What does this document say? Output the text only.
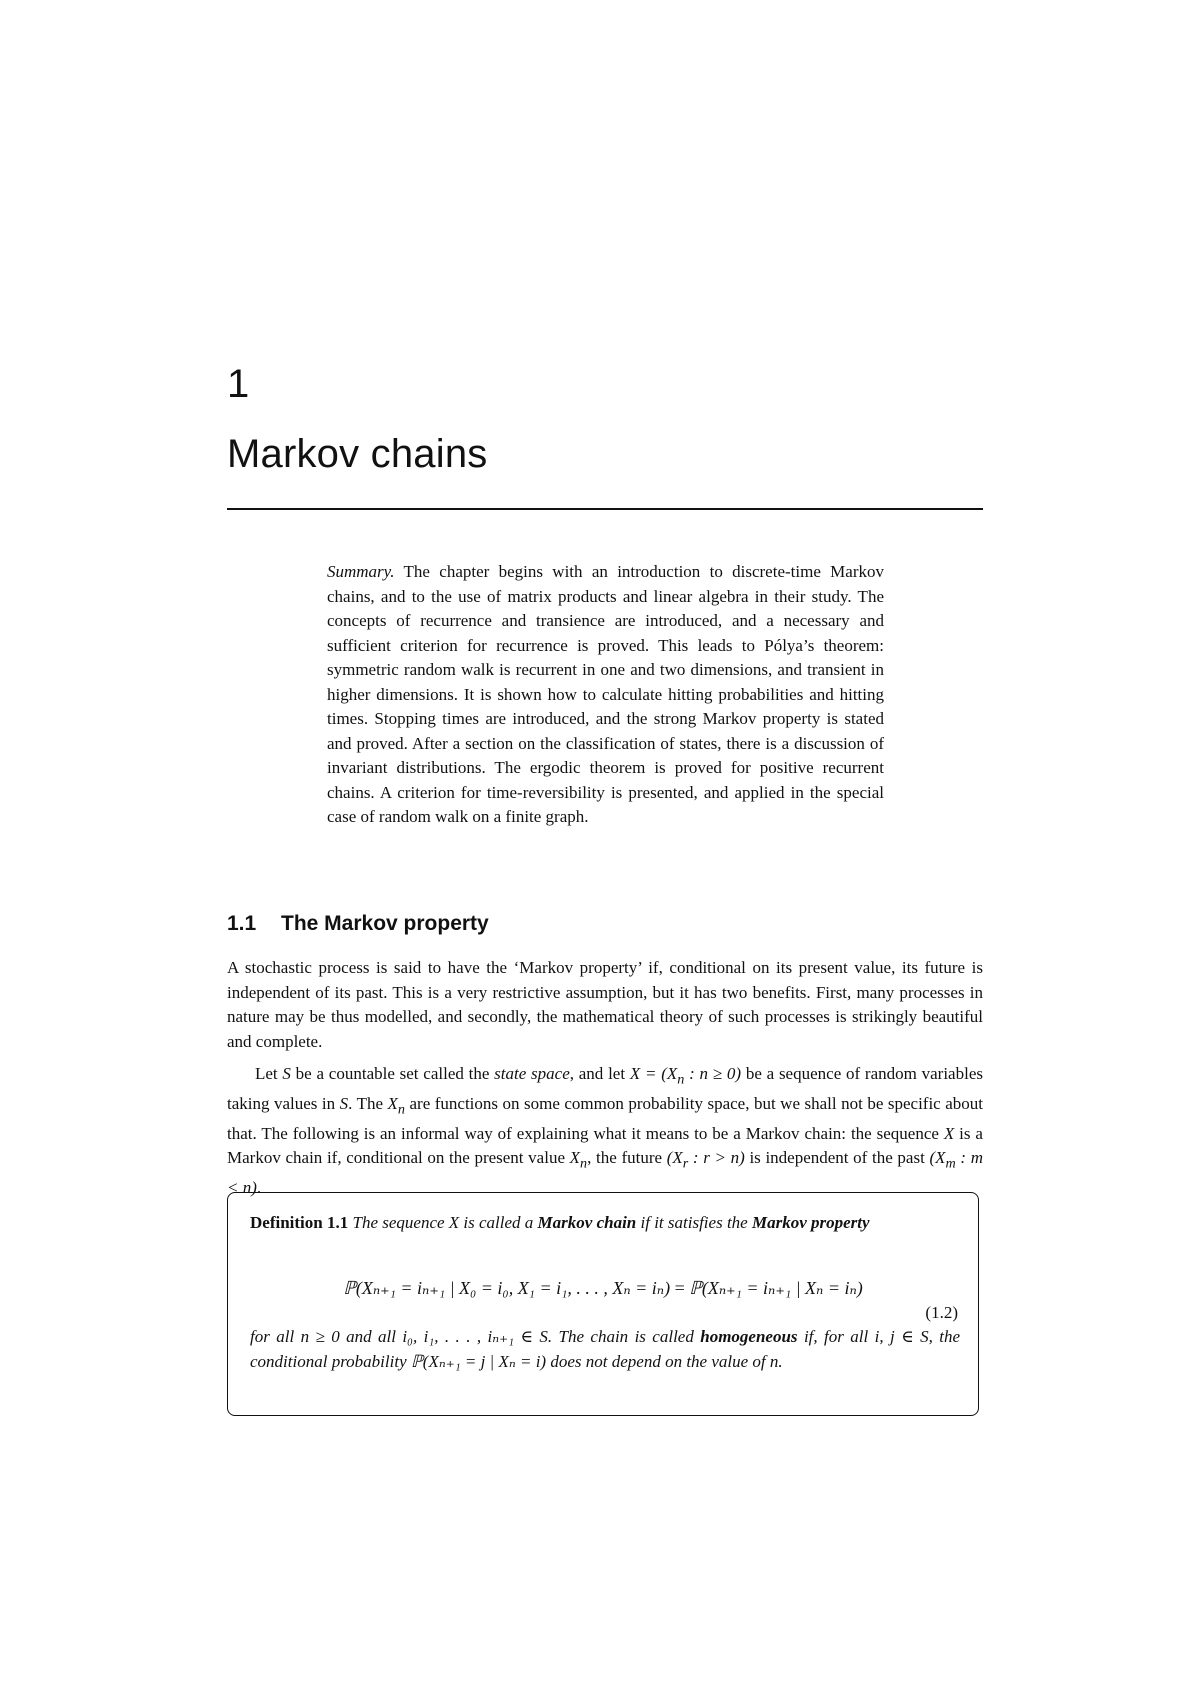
1
Markov chains

Summary. The chapter begins with an introduction to discrete-time Markov chains, and to the use of matrix products and linear algebra in their study. The concepts of recurrence and transience are introduced, and a necessary and sufficient criterion for recurrence is proved. This leads to Pólya’s theorem: symmetric random walk is recurrent in one and two dimensions, and transient in higher dimensions. It is shown how to calculate hitting probabilities and hitting times. Stopping times are introduced, and the strong Markov property is stated and proved. After a section on the classification of states, there is a discussion of invariant distributions. The ergodic theorem is proved for positive recurrent chains. A criterion for time-reversibility is presented, and applied in the special case of random walk on a finite graph.

1.1 The Markov property

A stochastic process is said to have the ‘Markov property’ if, conditional on its present value, its future is independent of its past. This is a very restrictive assumption, but it has two benefits. First, many processes in nature may be thus modelled, and secondly, the mathematical theory of such processes is strikingly beautiful and complete.

Let S be a countable set called the state space, and let $X = (X_n$ : n ≥ 0) be a sequence of random variables taking values in S. The $X_n$ are functions on some common probability space, but we shall not be specific about that. The following is an informal way of explaining what it means to be a Markov chain: the sequence X is a Markov chain if, conditional on the present value $X_n$, the future ($X_r$ : r > n) is independent of the past ($X_m$ : m < n).

Definition 1.1 The sequence X is called a Markov chain if it satisfies the Markov property

ℙ(Xₙ₊₁ = iₙ₊₁ | X₀ = i₀, X₁ = i₁, . . . , Xₙ = iₙ) = ℙ(Xₙ₊₁ = iₙ₊₁ | Xₙ = iₙ)
(1.2)

for all n ≥ 0 and all i₀, i₁, . . . , iₙ₊₁ ∈ S. The chain is called homogeneous if, for all i, j ∈ S, the conditional probability ℙ(Xₙ₊₁ = j | Xₙ = i) does not depend on the value of n.
